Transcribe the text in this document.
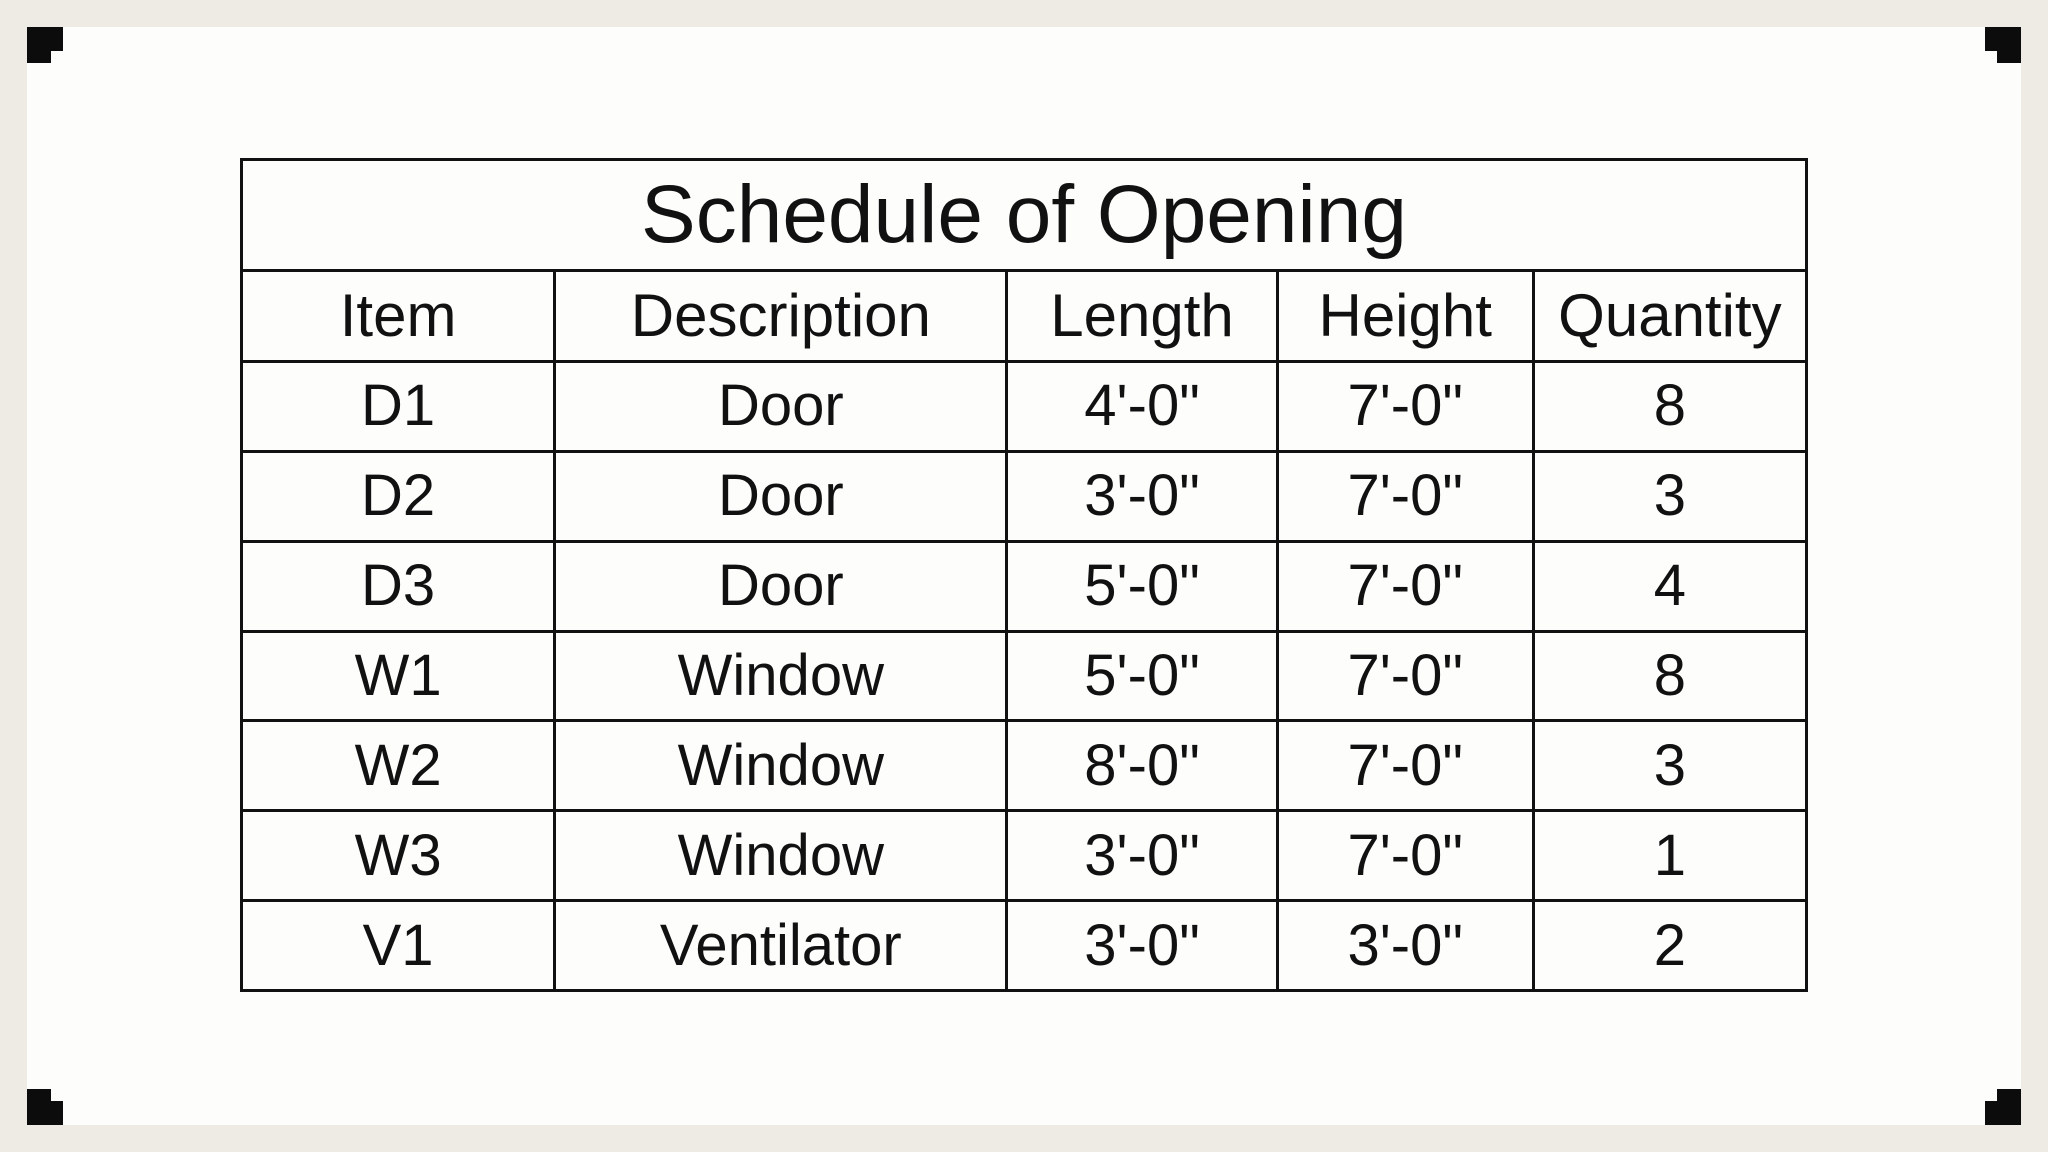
Schedule of Opening				
Item	Description	Length	Height	Quantity
D1	Door	4'-0"	7'-0"	8
D2	Door	3'-0"	7'-0"	3
D3	Door	5'-0"	7'-0"	4
W1	Window	5'-0"	7'-0"	8
W2	Window	8'-0"	7'-0"	3
W3	Window	3'-0"	7'-0"	1
V1	Ventilator	3'-0"	3'-0"	2
